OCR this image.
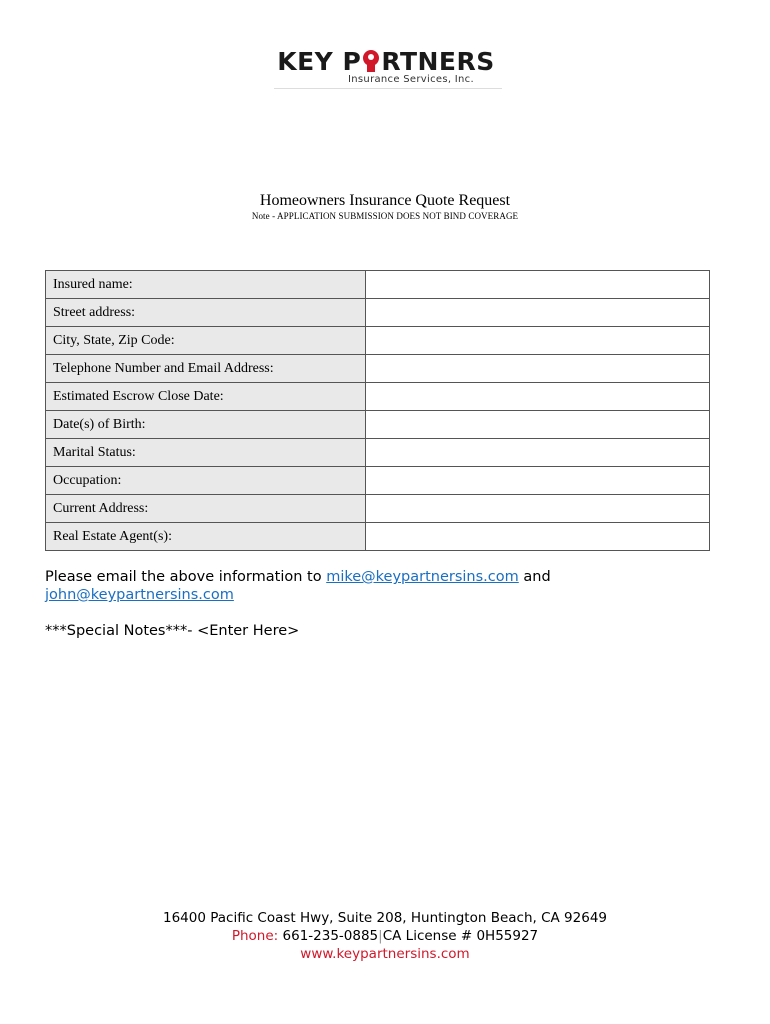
KEY P RTNERS
Insurance Services, Inc.
Homeowners Insurance Quote Request
Note - APPLICATION SUBMISSION DOES NOT BIND COVERAGE
Insured name:	
Street address:	
City, State, Zip Code:	
Telephone Number and Email Address:	
Estimated Escrow Close Date:	
Date(s) of Birth:	
Marital Status:	
Occupation:	
Current Address:	
Real Estate Agent(s):	
Please email the above information to mike@keypartnersins.com and
john@keypartnersins.com
***Special Notes***- <Enter Here>
16400 Pacific Coast Hwy, Suite 208, Huntington Beach, CA 92649
Phone: 661-235-0885|CA License # 0H55927
www.keypartnersins.com
